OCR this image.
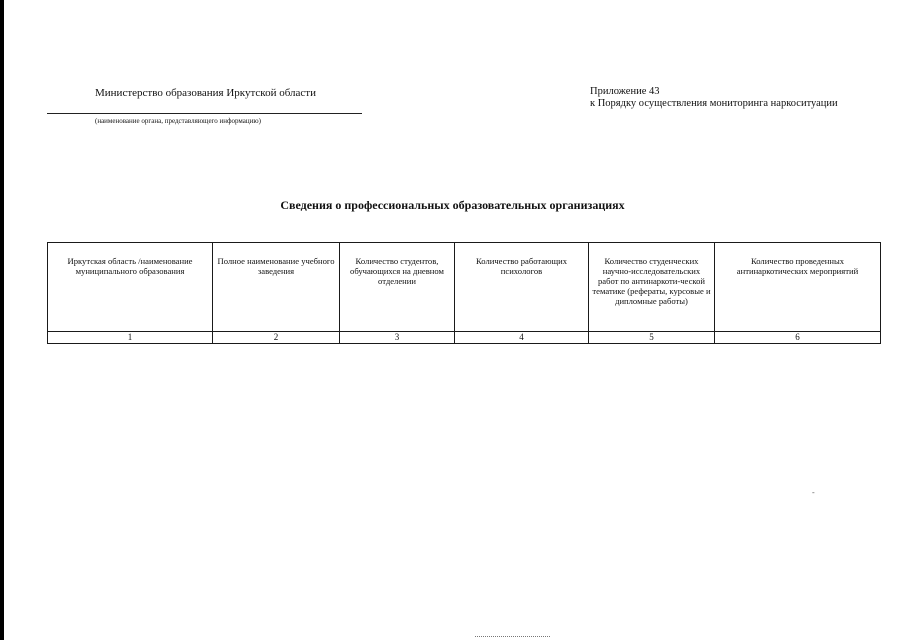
Министерство образования Иркутской области
(наименование органа, представляющего информацию)
Приложение 43
к Порядку осуществления мониторинга наркоситуации
Сведения о профессиональных образовательных организациях
Иркутская область /наименование муниципального образования	Полное наименование учебного заведения	Количество студентов, обучающихся на дневном отделении	Количество работающих психологов	Количество студенческих научно-исследовательских работ по антинаркоти-ческой тематике (рефераты, курсовые и дипломные работы)	Количество проведенных антинаркотических мероприятий
1	2	3	4	5	6
-
